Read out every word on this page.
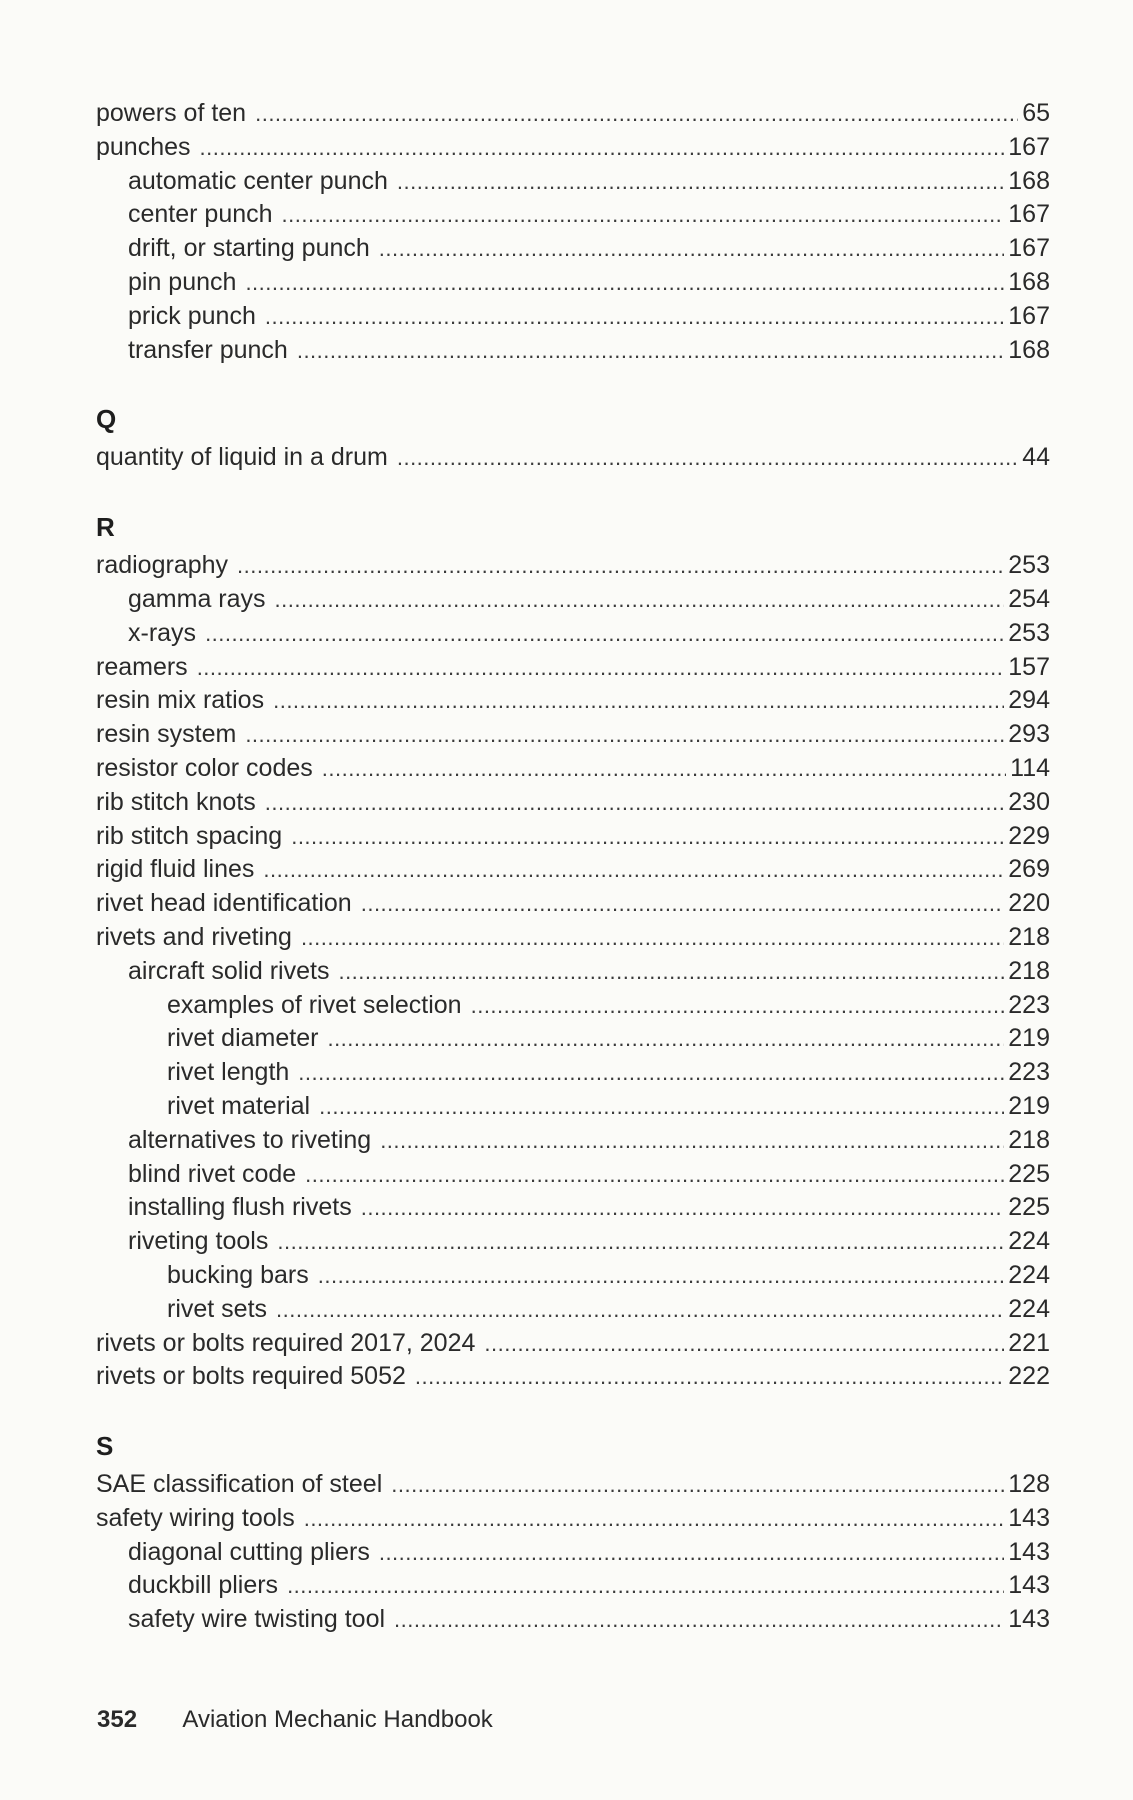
powers of ten .....	65
punches .....	167
automatic center punch .....	168
center punch .....	167
drift, or starting punch .....	167
pin punch .....	168
prick punch .....	167
transfer punch .....	168
Q
quantity of liquid in a drum .....	44
R
radiography .....	253
gamma rays .....	254
x-rays .....	253
reamers .....	157
resin mix ratios .....	294
resin system .....	293
resistor color codes .....	114
rib stitch knots .....	230
rib stitch spacing .....	229
rigid fluid lines .....	269
rivet head identification .....	220
rivets and riveting .....	218
aircraft solid rivets .....	218
examples of rivet selection .....	223
rivet diameter .....	219
rivet length .....	223
rivet material .....	219
alternatives to riveting .....	218
blind rivet code .....	225
installing flush rivets .....	225
riveting tools .....	224
bucking bars .....	224
rivet sets .....	224
rivets or bolts required 2017, 2024 .....	221
rivets or bolts required 5052 .....	222
S
SAE classification of steel .....	128
safety wiring tools .....	143
diagonal cutting pliers .....	143
duckbill pliers .....	143
safety wire twisting tool .....	143
352 Aviation Mechanic Handbook
